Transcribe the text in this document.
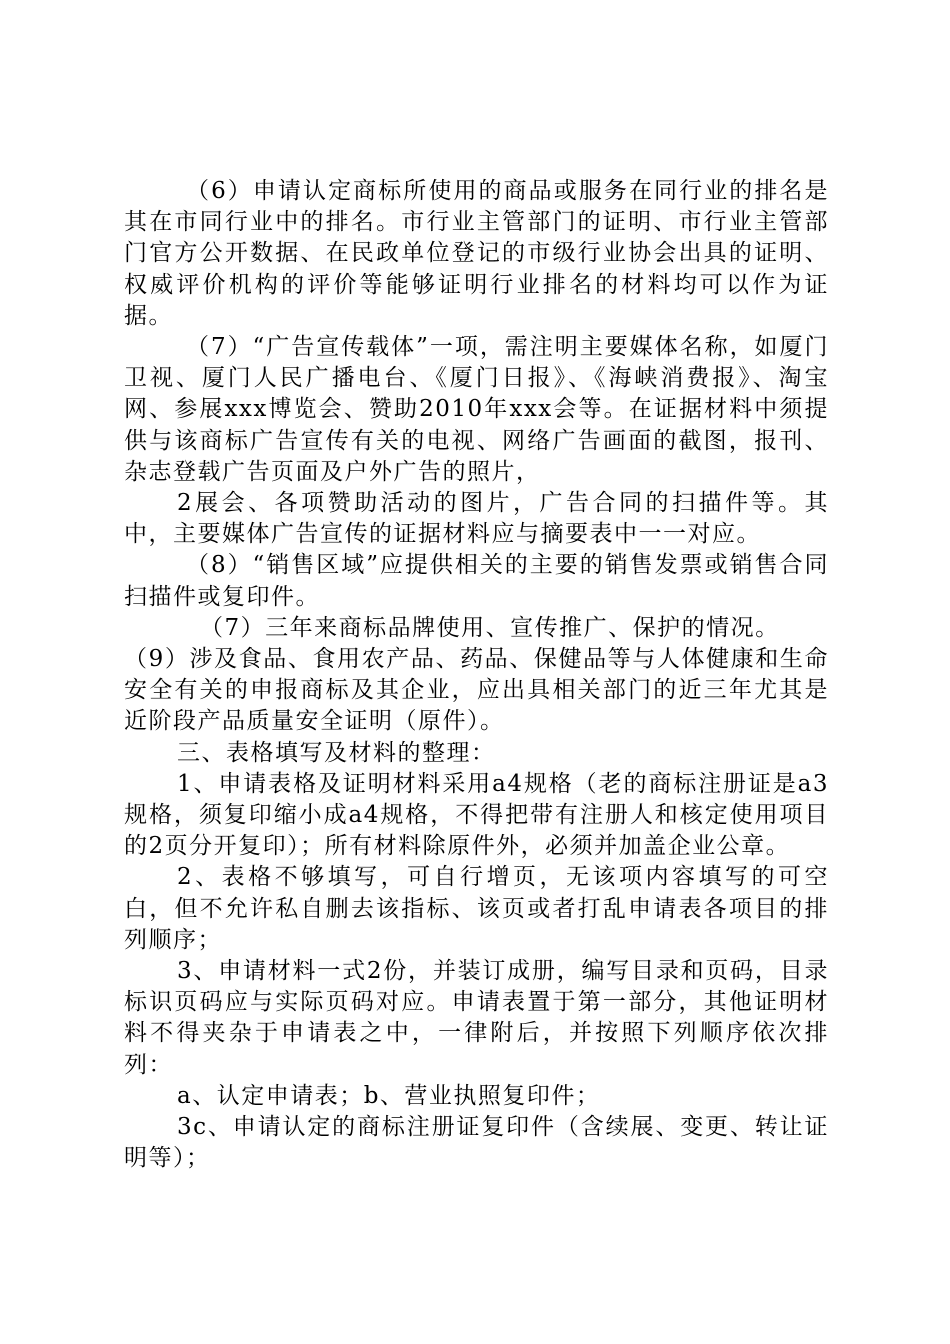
（6）申请认定商标所使用的商品或服务在同行业的排名是其在市同行业中的排名。市行业主管部门的证明、市行业主管部门官方公开数据、在民政单位登记的市级行业协会出具的证明、权威评价机构的评价等能够证明行业排名的材料均可以作为证据。

（7）“广告宣传载体”一项，需注明主要媒体名称，如厦门卫视、厦门人民广播电台、《厦门日报》、《海峡消费报》、淘宝网、参展xxx博览会、赞助2010年xxx会等。在证据材料中须提供与该商标广告宣传有关的电视、网络广告画面的截图，报刊、杂志登载广告页面及户外广告的照片，

2展会、各项赞助活动的图片，广告合同的扫描件等。其中，主要媒体广告宣传的证据材料应与摘要表中一一对应。

（8）“销售区域”应提供相关的主要的销售发票或销售合同扫描件或复印件。

（7）三年来商标品牌使用、宣传推广、保护的情况。

（9）涉及食品、食用农产品、药品、保健品等与人体健康和生命安全有关的申报商标及其企业，应出具相关部门的近三年尤其是近阶段产品质量安全证明（原件）。

三、表格填写及材料的整理：

1、申请表格及证明材料采用a4规格（老的商标注册证是a3规格，须复印缩小成a4规格，不得把带有注册人和核定使用项目的2页分开复印）；所有材料除原件外，必须并加盖企业公章。

2、表格不够填写，可自行增页，无该项内容填写的可空白，但不允许私自删去该指标、该页或者打乱申请表各项目的排列顺序；

3、申请材料一式2份，并装订成册，编写目录和页码，目录标识页码应与实际页码对应。申请表置于第一部分，其他证明材料不得夹杂于申请表之中，一律附后，并按照下列顺序依次排列：

a、认定申请表；b、营业执照复印件；

3c、申请认定的商标注册证复印件（含续展、变更、转让证明等）；
